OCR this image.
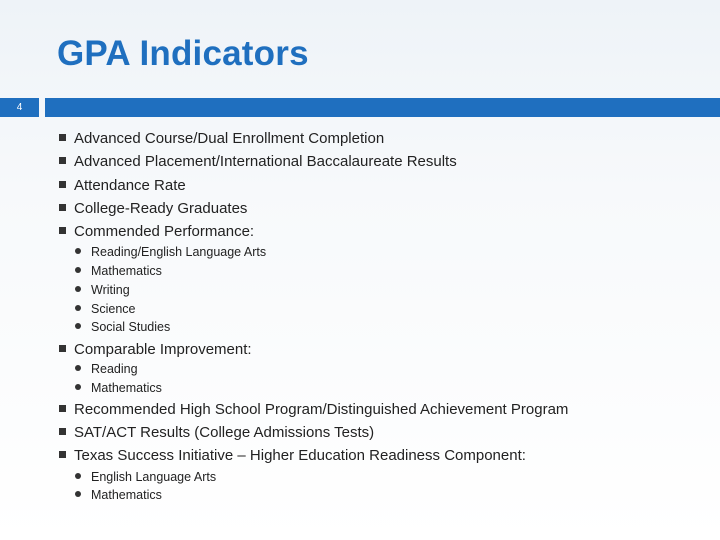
GPA Indicators
4
Advanced Course/Dual Enrollment Completion
Advanced Placement/International Baccalaureate Results
Attendance Rate
College-Ready Graduates
Commended Performance:
Reading/English Language Arts
Mathematics
Writing
Science
Social Studies
Comparable Improvement:
Reading
Mathematics
Recommended High School Program/Distinguished Achievement Program
SAT/ACT Results (College Admissions Tests)
Texas Success Initiative – Higher Education Readiness Component:
English Language Arts
Mathematics
